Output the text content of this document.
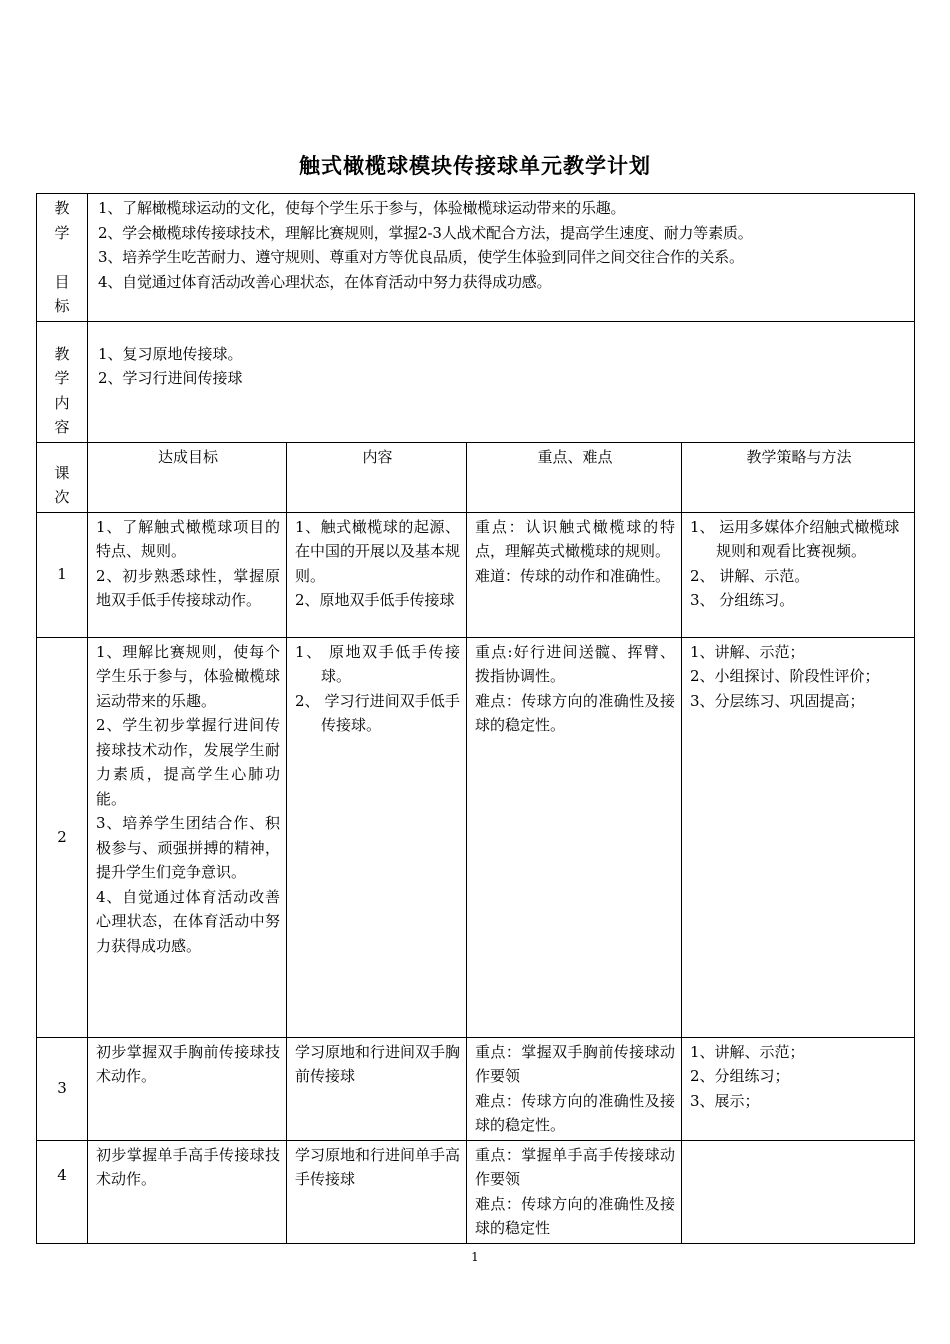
触式橄榄球模块传接球单元教学计划
教
学

目
标	1、了解橄榄球运动的文化，使每个学生乐于参与，体验橄榄球运动带来的乐趣。
2、学会橄榄球传接球技术，理解比赛规则，掌握2-3人战术配合方法，提高学生速度、耐力等素质。
3、培养学生吃苦耐力、遵守规则、尊重对方等优良品质，使学生体验到同伴之间交往合作的关系。
4、自觉通过体育活动改善心理状态，在体育活动中努力获得成功感。			

教
学
内
容	1、复习原地传接球。
2、学习行进间传接球			

课
次	达成目标	内容	重点、难点	教学策略与方法
1	1、了解触式橄榄球项目的特点、规则。
2、初步熟悉球性，掌握原地双手低手传接球动作。	1、触式橄榄球的起源、在中国的开展以及基本规则。
2、原地双手低手传接球	重点：认识触式橄榄球的特点，理解英式橄榄球的规则。
难道：传球的动作和准确性。	1、 运用多媒体介绍触式橄榄球规则和观看比赛视频。
2、 讲解、示范。
3、 分组练习。

2	1、理解比赛规则，使每个学生乐于参与，体验橄榄球运动带来的乐趣。
2、学生初步掌握行进间传接球技术动作，发展学生耐力素质，提高学生心肺功能。
3、培养学生团结合作、积极参与、顽强拼搏的精神，提升学生们竞争意识。
4、自觉通过体育活动改善心理状态，在体育活动中努力获得成功感。	1、 原地双手低手传接球。
2、 学习行进间双手低手传接球。	重点:好行进间送髋、挥臂、拨指协调性。
难点：传球方向的准确性及接球的稳定性。	1、讲解、示范；
2、小组探讨、阶段性评价；
3、分层练习、巩固提高；

3	初步掌握双手胸前传接球技术动作。	学习原地和行进间双手胸前传接球	重点：掌握双手胸前传接球动作要领
难点：传球方向的准确性及接球的稳定性。	1、讲解、示范；
2、分组练习；
3、展示；

4	初步掌握单手高手传接球技术动作。	学习原地和行进间单手高手传接球	重点：掌握单手高手传接球动作要领
难点：传球方向的准确性及接球的稳定性	

1
